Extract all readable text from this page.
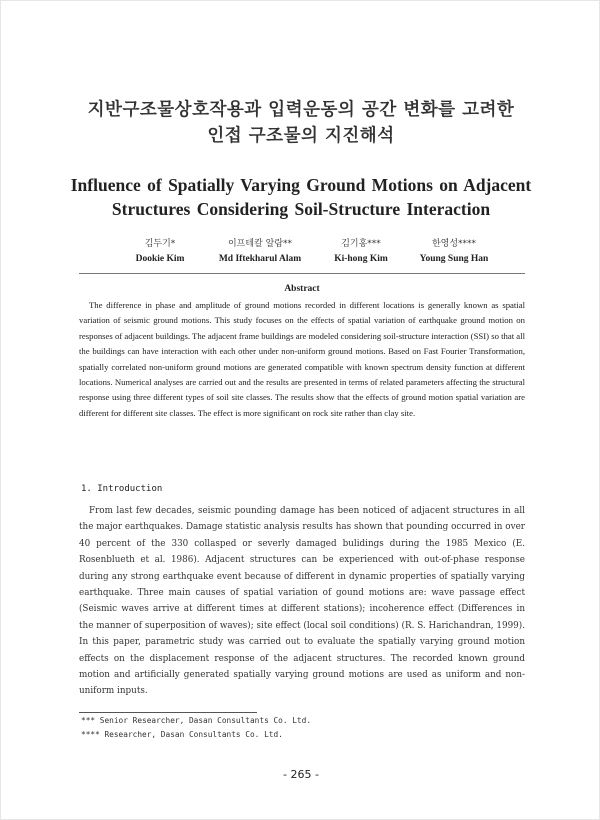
지반구조물상호작용과 입력운동의 공간 변화를 고려한
인접 구조물의 지진해석
Influence of Spatially Varying Ground Motions on Adjacent
Structures Considering Soil-Structure Interaction
김두기*
Dookie Kim
이프테칼 알람**
Md Iftekharul Alam
김기홍***
Ki-hong Kim
한영성****
Young Sung Han
Abstract

The difference in phase and amplitude of ground motions recorded in different locations is generally known as spatial variation of seismic ground motions. This study focuses on the effects of spatial variation of earthquake ground motion on responses of adjacent buildings. The adjacent frame buildings are modeled considering soil-structure interaction (SSI) so that all the buildings can have interaction with each other under non-uniform ground motions. Based on Fast Fourier Transformation, spatially correlated non-uniform ground motions are generated compatible with known spectrum density function at different locations. Numerical analyses are carried out and the results are presented in terms of related parameters affecting the structural response using three different types of soil site classes. The results show that the effects of ground motion spatial variation are different for different site classes. The effect is more significant on rock site rather than clay site.

1. Introduction

From last few decades, seismic pounding damage has been noticed of adjacent structures in all the major earthquakes. Damage statistic analysis results has shown that pounding occurred in over 40 percent of the 330 collasped or severly damaged bulidings during the 1985 Mexico (E. Rosenblueth et al. 1986). Adjacent structures can be experienced with out-of-phase response during any strong earthquake event because of different in dynamic properties of spatially varying earthquake. Three main causes of spatial variation of gound motions are: wave passage effect (Seismic waves arrive at different times at different stations); incoherence effect (Differences in the manner of superposition of waves); site effect (local soil conditions) (R. S. Harichandran, 1999). In this paper, parametric study was carried out to evaluate the spatially varying ground motion effects on the displacement response of the adjacent structures. The recorded known ground motion and artificially generated spatially varying ground motions are used as uniform and non-uniform inputs.

*** Senior Researcher, Dasan Consultants Co. Ltd.
**** Researcher, Dasan Consultants Co. Ltd.
- 265 -
